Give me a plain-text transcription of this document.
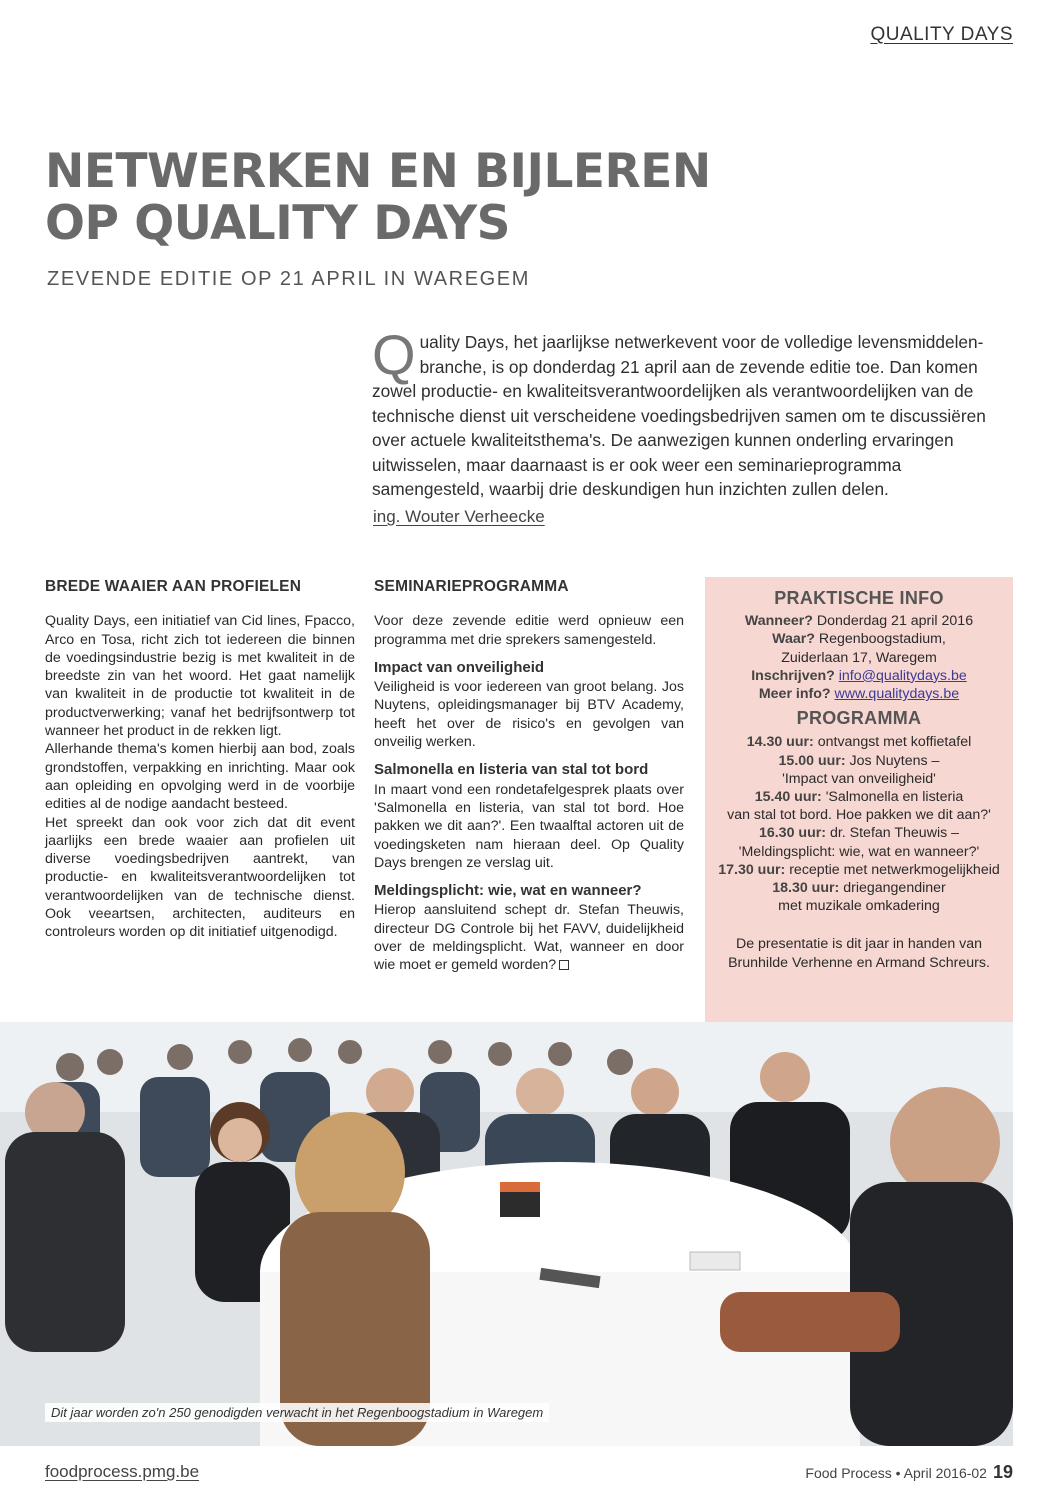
QUALITY DAYS
NETWERKEN EN BIJLEREN
OP QUALITY DAYS
ZEVENDE EDITIE OP 21 APRIL IN WAREGEM
Quality Days, het jaarlijkse netwerkevent voor de volledige levensmiddelen-branche, is op donderdag 21 april aan de zevende editie toe. Dan komen zowel productie- en kwaliteitsverantwoordelijken als verantwoordelijken van de technische dienst uit verscheidene voedingsbedrijven samen om te discussiëren over actuele kwaliteitsthema's. De aanwezigen kunnen onderling ervaringen uitwisselen, maar daarnaast is er ook weer een seminarieprogramma samengesteld, waarbij drie deskundigen hun inzichten zullen delen.
ing. Wouter Verheecke
BREDE WAAIER AAN PROFIELEN

Quality Days, een initiatief van Cid lines, Fpacco, Arco en Tosa, richt zich tot iedereen die binnen de voedingsindustrie bezig is met kwaliteit in de breedste zin van het woord. Het gaat namelijk van kwaliteit in de productie tot kwaliteit in de productverwerking; vanaf het bedrijfsontwerp tot wanneer het product in de rekken ligt.

Allerhande thema's komen hierbij aan bod, zoals grondstoffen, verpakking en inrichting. Maar ook aan opleiding en opvolging werd in de voorbije edities al de nodige aandacht besteed.

Het spreekt dan ook voor zich dat dit event jaarlijks een brede waaier aan profielen uit diverse voedingsbedrijven aantrekt, van productie- en kwaliteitsverantwoordelijken tot verantwoordelijken van de technische dienst. Ook veeartsen, architecten, auditeurs en controleurs worden op dit initiatief uitgenodigd.

SEMINARIEPROGRAMMA

Voor deze zevende editie werd opnieuw een programma met drie sprekers samengesteld.

Impact van onveiligheid

Veiligheid is voor iedereen van groot belang. Jos Nuytens, opleidingsmanager bij BTV Academy, heeft het over de risico's en gevolgen van onveilig werken.

Salmonella en listeria van stal tot bord

In maart vond een rondetafelgesprek plaats over 'Salmonella en listeria, van stal tot bord. Hoe pakken we dit aan?'. Een twaalftal actoren uit de voedingsketen nam hieraan deel. Op Quality Days brengen ze verslag uit.

Meldingsplicht: wie, wat en wanneer?

Hierop aansluitend schept dr. Stefan Theuwis, directeur DG Controle bij het FAVV, duidelijkheid over de meldingsplicht. Wat, wanneer en door wie moet er gemeld worden?

PRAKTISCHE INFO
Wanneer? Donderdag 21 april 2016
Waar? Regenboogstadium,
Zuiderlaan 17, Waregem
Inschrijven? info@qualitydays.be
Meer info? www.qualitydays.be
PROGRAMMA
14.30 uur: ontvangst met koffietafel
15.00 uur: Jos Nuytens –
'Impact van onveiligheid'
15.40 uur: 'Salmonella en listeria
van stal tot bord. Hoe pakken we dit aan?'
16.30 uur: dr. Stefan Theuwis –
'Meldingsplicht: wie, wat en wanneer?'
17.30 uur: receptie met netwerkmogelijkheid
18.30 uur: driegangendiner
met muzikale omkadering
De presentatie is dit jaar in handen van Brunhilde Verhenne en Armand Schreurs.
Dit jaar worden zo'n 250 genodigden verwacht in het Regenboogstadium in Waregem
foodprocess.pmg.be	Food Process • April 2016-02 19
